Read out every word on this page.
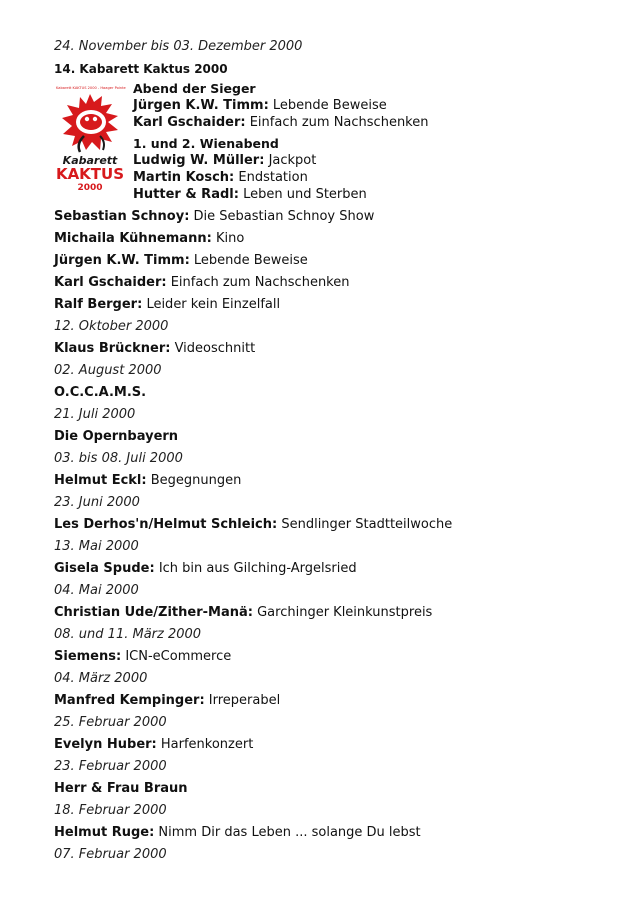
24. November bis 03. Dezember 2000
14. Kabarett Kaktus 2000
Kabarett KAKTUS 2000 - Haager Pointe
Kabarett
KAKTUS
2000
Abend der Sieger
Jürgen K.W. Timm: Lebende Beweise
Karl Gschaider: Einfach zum Nachschenken
1. und 2. Wienabend
Ludwig W. Müller: Jackpot
Martin Kosch: Endstation
Hutter & Radl: Leben und Sterben
Sebastian Schnoy: Die Sebastian Schnoy Show
Michaila Kühnemann: Kino
Jürgen K.W. Timm: Lebende Beweise
Karl Gschaider: Einfach zum Nachschenken
Ralf Berger: Leider kein Einzelfall
12. Oktober 2000
Klaus Brückner: Videoschnitt
02. August 2000
O.C.C.A.M.S.
21. Juli 2000
Die Opernbayern
03. bis 08. Juli 2000
Helmut Eckl: Begegnungen
23. Juni 2000
Les Derhos'n/Helmut Schleich: Sendlinger Stadtteilwoche
13. Mai 2000
Gisela Spude: Ich bin aus Gilching-Argelsried
04. Mai 2000
Christian Ude/Zither-Manä: Garchinger Kleinkunstpreis
08. und 11. März 2000
Siemens: ICN-eCommerce
04. März 2000
Manfred Kempinger: Irreperabel
25. Februar 2000
Evelyn Huber: Harfenkonzert
23. Februar 2000
Herr & Frau Braun
18. Februar 2000
Helmut Ruge: Nimm Dir das Leben ... solange Du lebst
07. Februar 2000
